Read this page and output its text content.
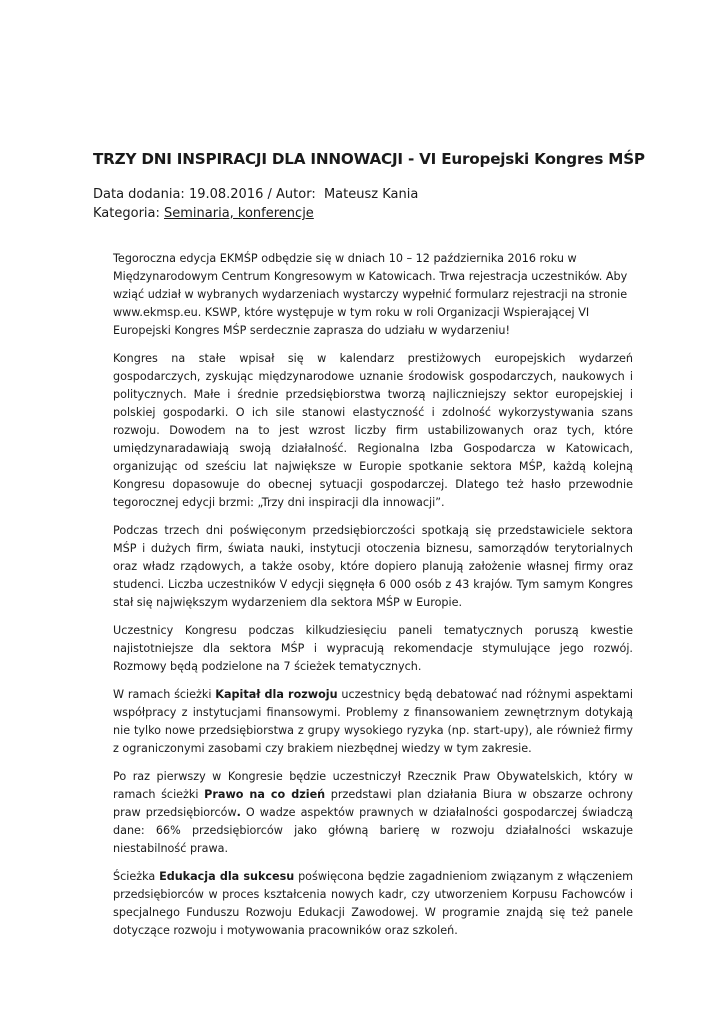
TRZY DNI INSPIRACJI DLA INNOWACJI - VI Europejski Kongres MŚP
Data dodania: 19.08.2016 / Autor:  Mateusz Kania
Kategoria: Seminaria, konferencje

Tegoroczna edycja EKMŚP odbędzie się w dniach 10 – 12 października 2016 roku w Międzynarodowym Centrum Kongresowym w Katowicach. Trwa rejestracja uczestników. Aby wziąć udział w wybranych wydarzeniach wystarczy wypełnić formularz rejestracji na stronie www.ekmsp.eu. KSWP, które występuje w tym roku w roli Organizacji Wspierającej VI Europejski Kongres MŚP serdecznie zaprasza do udziału w wydarzeniu!

Kongres na stałe wpisał się w kalendarz prestiżowych europejskich wydarzeń gospodarczych, zyskując międzynarodowe uznanie środowisk gospodarczych, naukowych i politycznych. Małe i średnie przedsiębiorstwa tworzą najliczniejszy sektor europejskiej i polskiej gospodarki. O ich sile stanowi elastyczność i zdolność wykorzystywania szans rozwoju. Dowodem na to jest wzrost liczby firm ustabilizowanych oraz tych, które umiędzynaradawiają swoją działalność. Regionalna Izba Gospodarcza w Katowicach, organizując od sześciu lat największe w Europie spotkanie sektora MŚP, każdą kolejną Kongresu dopasowuje do obecnej sytuacji gospodarczej. Dlatego też hasło przewodnie tegorocznej edycji brzmi: „Trzy dni inspiracji dla innowacji”.

Podczas trzech dni poświęconym przedsiębiorczości spotkają się przedstawiciele sektora MŚP i dużych firm, świata nauki, instytucji otoczenia biznesu, samorządów terytorialnych oraz władz rządowych, a także osoby, które dopiero planują założenie własnej firmy oraz studenci. Liczba uczestników V edycji sięgnęła 6 000 osób z 43 krajów. Tym samym Kongres stał się największym wydarzeniem dla sektora MŚP w Europie.

Uczestnicy Kongresu podczas kilkudziesięciu paneli tematycznych poruszą kwestie najistotniejsze dla sektora MŚP i wypracują rekomendacje stymulujące jego rozwój. Rozmowy będą podzielone na 7 ścieżek tematycznych.

W ramach ścieżki Kapitał dla rozwoju uczestnicy będą debatować nad różnymi aspektami współpracy z instytucjami finansowymi. Problemy z finansowaniem zewnętrznym dotykają nie tylko nowe przedsiębiorstwa z grupy wysokiego ryzyka (np. start-upy), ale również firmy z ograniczonymi zasobami czy brakiem niezbędnej wiedzy w tym zakresie.

Po raz pierwszy w Kongresie będzie uczestniczył Rzecznik Praw Obywatelskich, który w ramach ścieżki Prawo na co dzień przedstawi plan działania Biura w obszarze ochrony praw przedsiębiorców. O wadze aspektów prawnych w działalności gospodarczej świadczą dane: 66% przedsiębiorców jako główną barierę w rozwoju działalności wskazuje niestabilność prawa.

Ścieżka Edukacja dla sukcesu poświęcona będzie zagadnieniom związanym z włączeniem przedsiębiorców w proces kształcenia nowych kadr, czy utworzeniem Korpusu Fachowców i specjalnego Funduszu Rozwoju Edukacji Zawodowej. W programie znajdą się też panele dotyczące rozwoju i motywowania pracowników oraz szkoleń.
